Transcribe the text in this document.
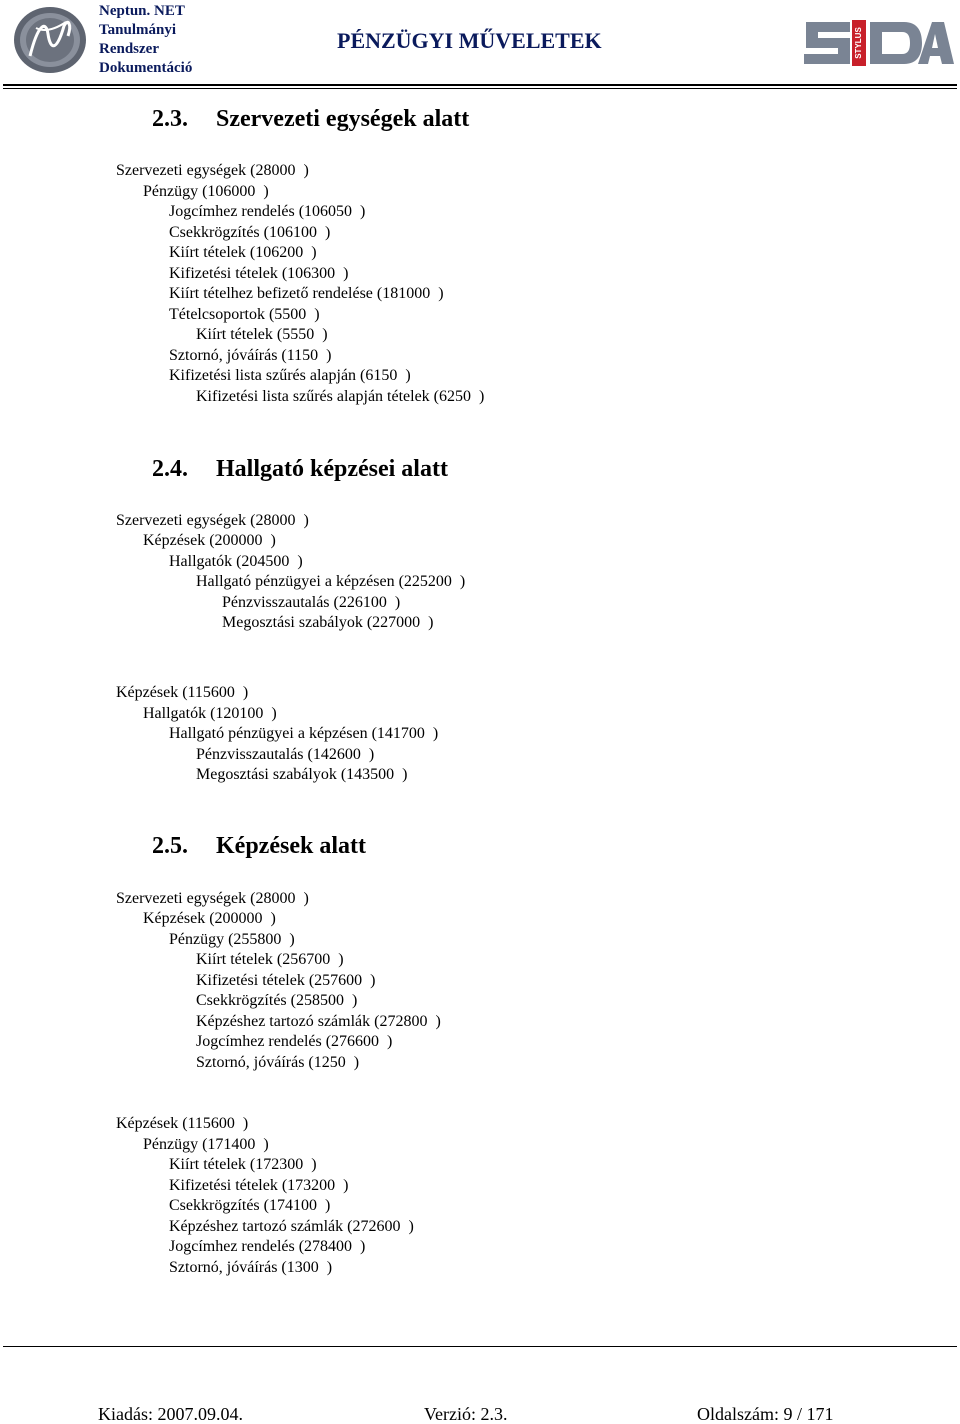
Neptun. NET
Tanulmányi
Rendszer
Dokumentáció
PÉNZÜGYI MŰVELETEK	STYLUS
2.3. Szervezeti egységek alatt
Szervezeti egységek (28000  )
Pénzügy (106000  )
Jogcímhez rendelés (106050  )
Csekkrögzítés (106100  )
Kiírt tételek (106200  )
Kifizetési tételek (106300  )
Kiírt tételhez befizető rendelése (181000  )
Tételcsoportok (5500  )
Kiírt tételek (5550  )
Sztornó, jóváírás (1150  )
Kifizetési lista szűrés alapján (6150  )
Kifizetési lista szűrés alapján tételek (6250  )
2.4. Hallgató képzései alatt
Szervezeti egységek (28000  )
Képzések (200000  )
Hallgatók (204500  )
Hallgató pénzügyei a képzésen (225200  )
Pénzvisszautalás (226100  )
Megosztási szabályok (227000  )
Képzések (115600  )
Hallgatók (120100  )
Hallgató pénzügyei a képzésen (141700  )
Pénzvisszautalás (142600  )
Megosztási szabályok (143500  )
2.5. Képzések alatt
Szervezeti egységek (28000  )
Képzések (200000  )
Pénzügy (255800  )
Kiírt tételek (256700  )
Kifizetési tételek (257600  )
Csekkrögzítés (258500  )
Képzéshez tartozó számlák (272800  )
Jogcímhez rendelés (276600  )
Sztornó, jóváírás (1250  )
Képzések (115600  )
Pénzügy (171400  )
Kiírt tételek (172300  )
Kifizetési tételek (173200  )
Csekkrögzítés (174100  )
Képzéshez tartozó számlák (272600  )
Jogcímhez rendelés (278400  )
Sztornó, jóváírás (1300  )
Kiadás: 2007.09.04.	Verzió: 2.3.	Oldalszám: 9 / 171
